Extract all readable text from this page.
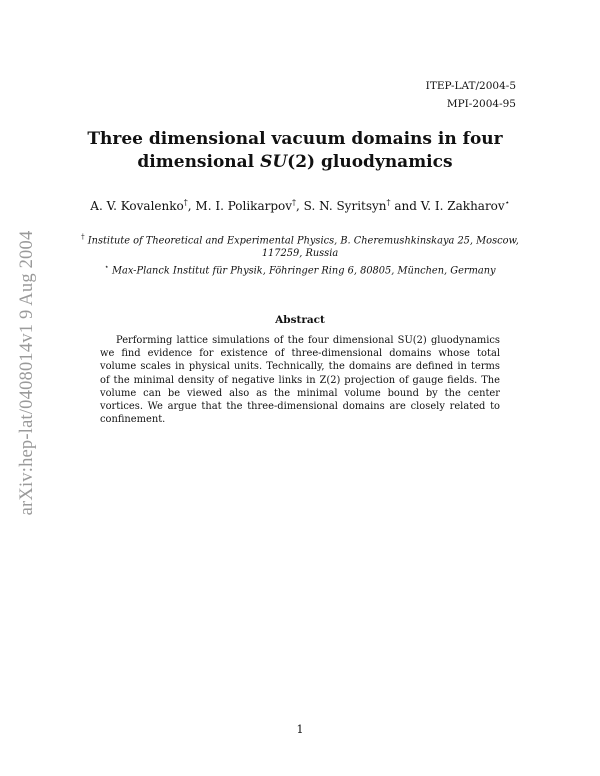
ITEP-LAT/2004-5
MPI-2004-95
Three dimensional vacuum domains in four
dimensional SU(2) gluodynamics
A. V. Kovalenko†, M. I. Polikarpov†, S. N. Syritsyn† and V. I. Zakharov⋆
† Institute of Theoretical and Experimental Physics, B. Cheremushkinskaya 25, Moscow, 117259, Russia
⋆ Max-Planck Institut für Physik, Föhringer Ring 6, 80805, München, Germany
Abstract
Performing lattice simulations of the four dimensional SU(2) gluodynamics we find evidence for existence of three-dimensional domains whose total volume scales in physical units. Technically, the domains are defined in terms of the minimal density of negative links in Z(2) projection of gauge fields. The volume can be viewed also as the minimal volume bound by the center vortices. We argue that the three-dimensional domains are closely related to confinement.
arXiv:hep-lat/0408014v1 9 Aug 2004
1
